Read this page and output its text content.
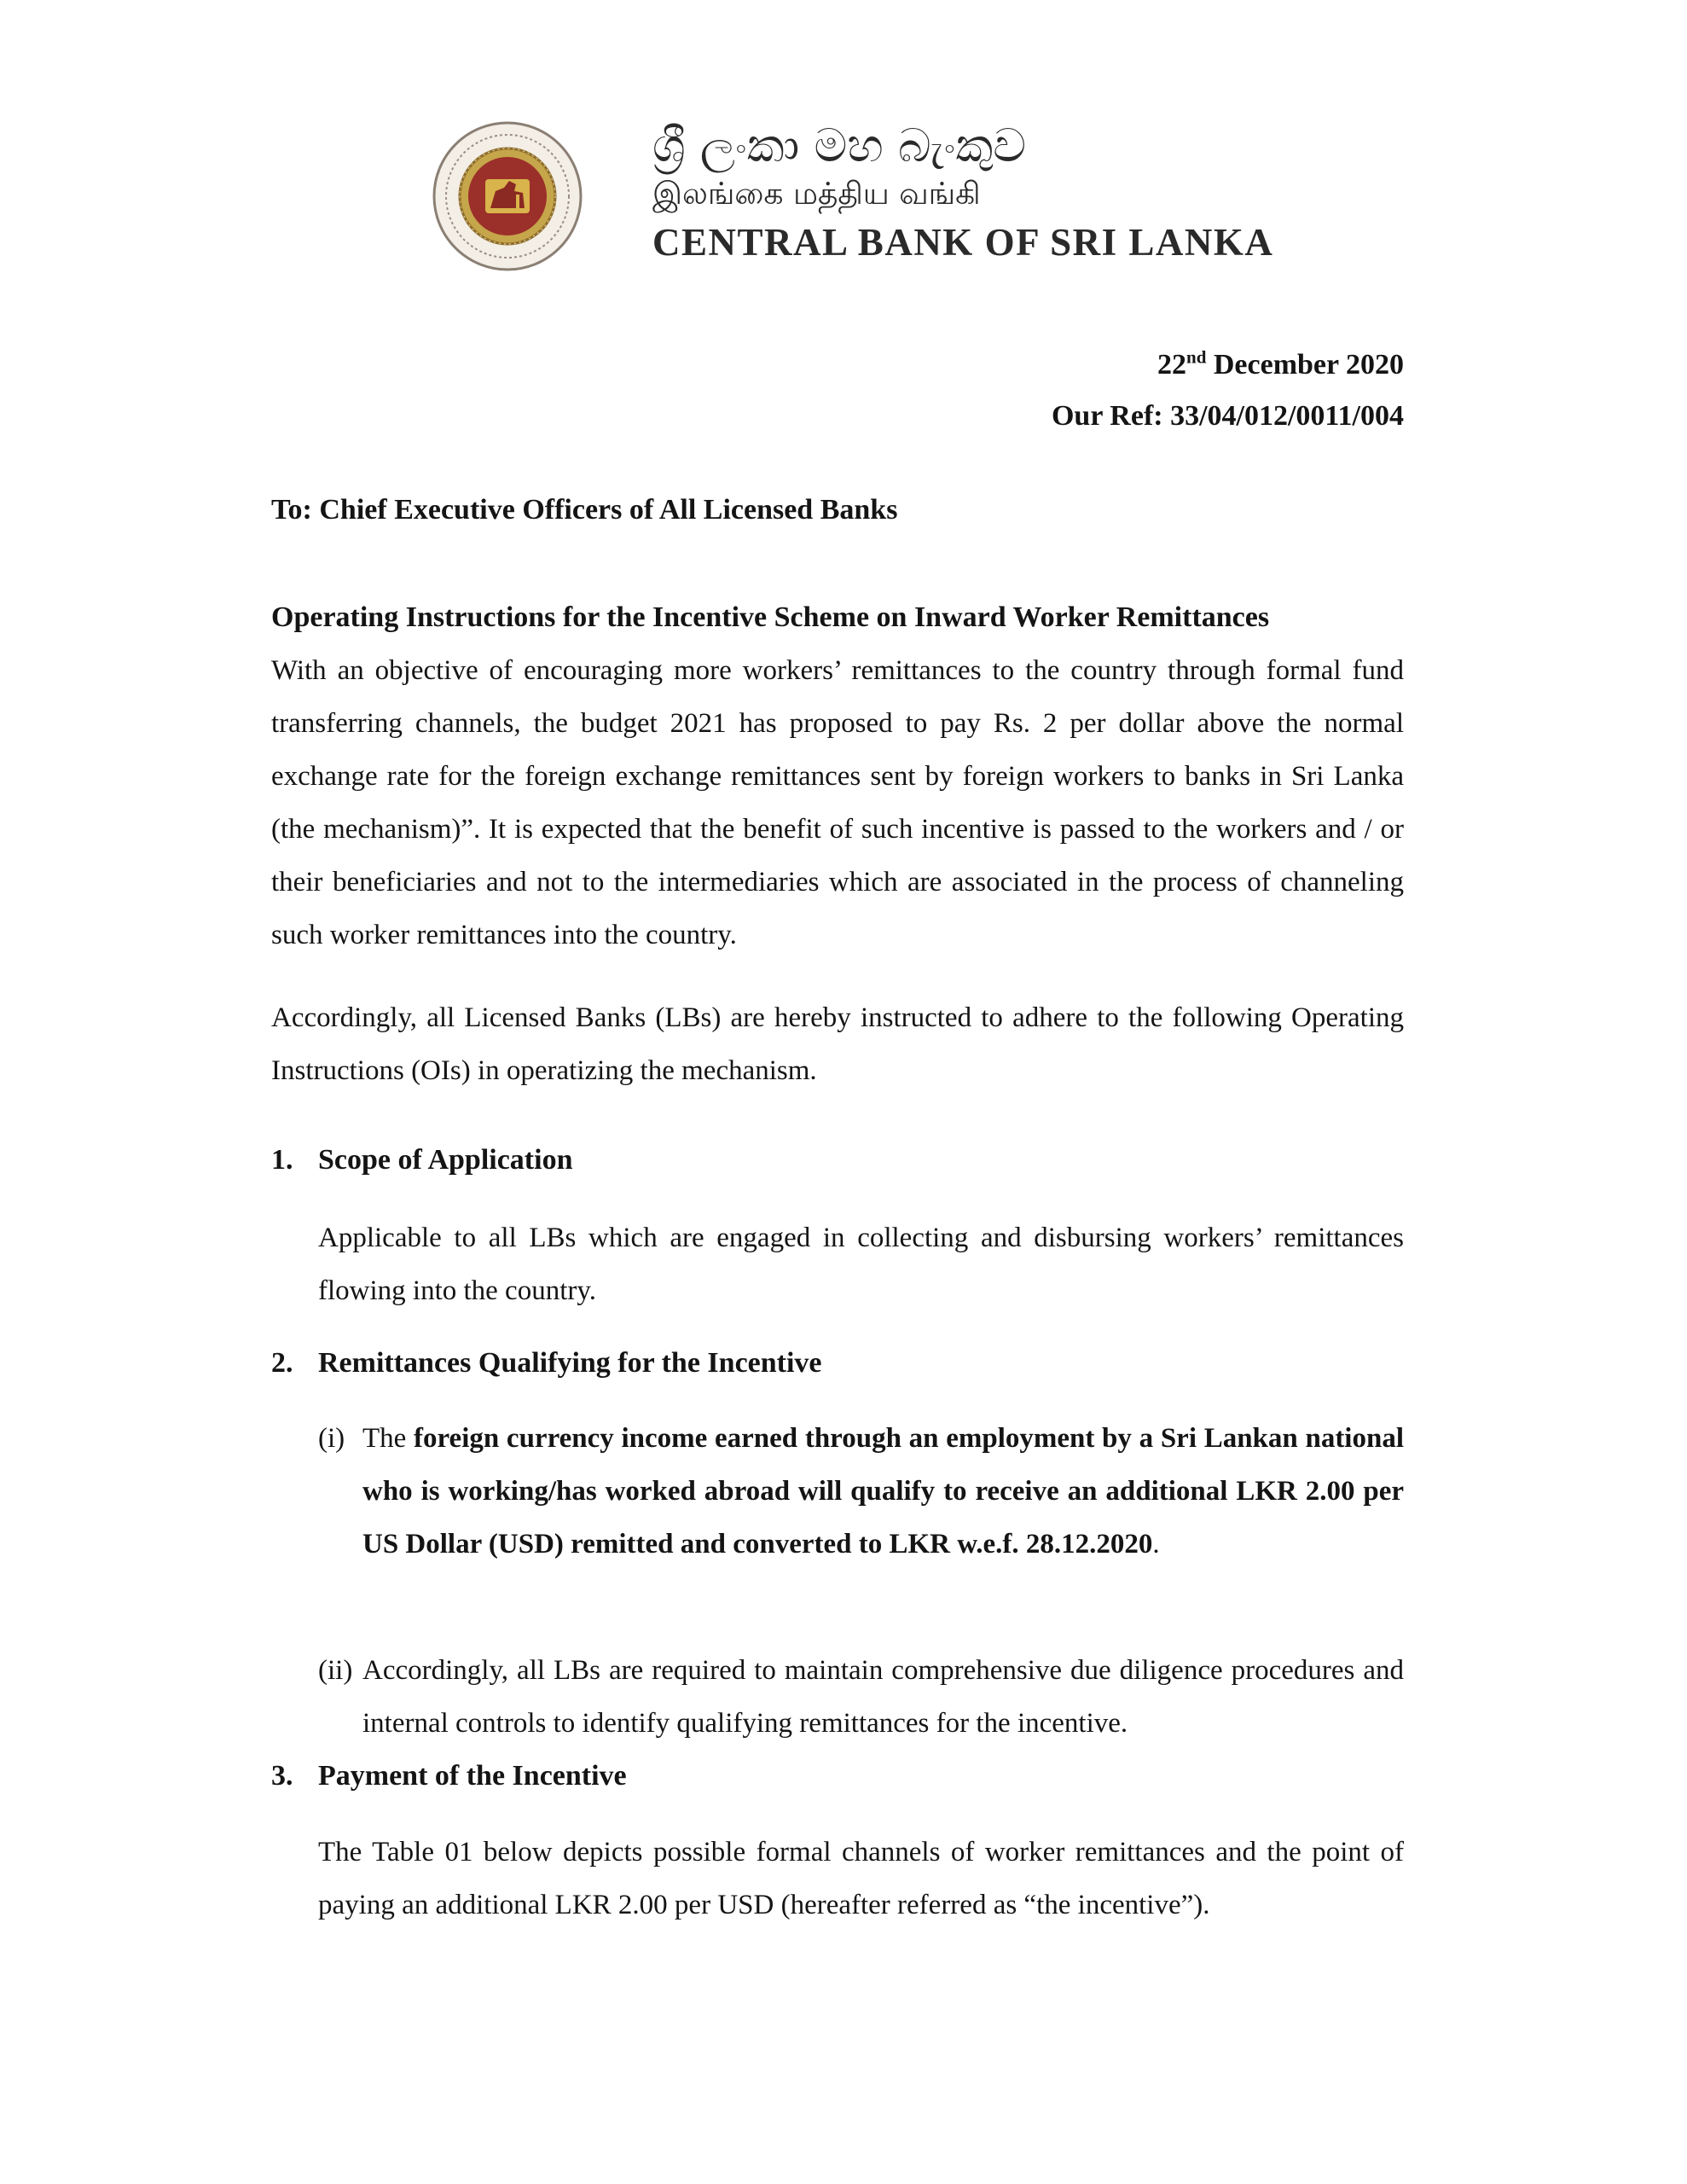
ශ්‍රී ලංකා මහ බැංකුව
இலங்கை மத்திய வங்கி
CENTRAL BANK OF SRI LANKA
22nd December 2020
Our Ref: 33/04/012/0011/004
To: Chief Executive Officers of All Licensed Banks
Operating Instructions for the Incentive Scheme on Inward Worker Remittances

With an objective of encouraging more workers’ remittances to the country through formal fund transferring channels, the budget 2021 has proposed to pay Rs. 2 per dollar above the normal exchange rate for the foreign exchange remittances sent by foreign workers to banks in Sri Lanka (the mechanism)”. It is expected that the benefit of such incentive is passed to the workers and / or their beneficiaries and not to the intermediaries which are associated in the process of channeling such worker remittances into the country.

Accordingly, all Licensed Banks (LBs) are hereby instructed to adhere to the following Operating Instructions (OIs) in operatizing the mechanism.

1. Scope of Application

Applicable to all LBs which are engaged in collecting and disbursing workers’ remittances flowing into the country.

2. Remittances Qualifying for the Incentive
(i) The foreign currency income earned through an employment by a Sri Lankan national who is working/has worked abroad will qualify to receive an additional LKR 2.00 per US Dollar (USD) remitted and converted to LKR w.e.f. 28.12.2020.
(ii) Accordingly, all LBs are required to maintain comprehensive due diligence procedures and internal controls to identify qualifying remittances for the incentive.
3. Payment of the Incentive

The Table 01 below depicts possible formal channels of worker remittances and the point of paying an additional LKR 2.00 per USD (hereafter referred as “the incentive”).
